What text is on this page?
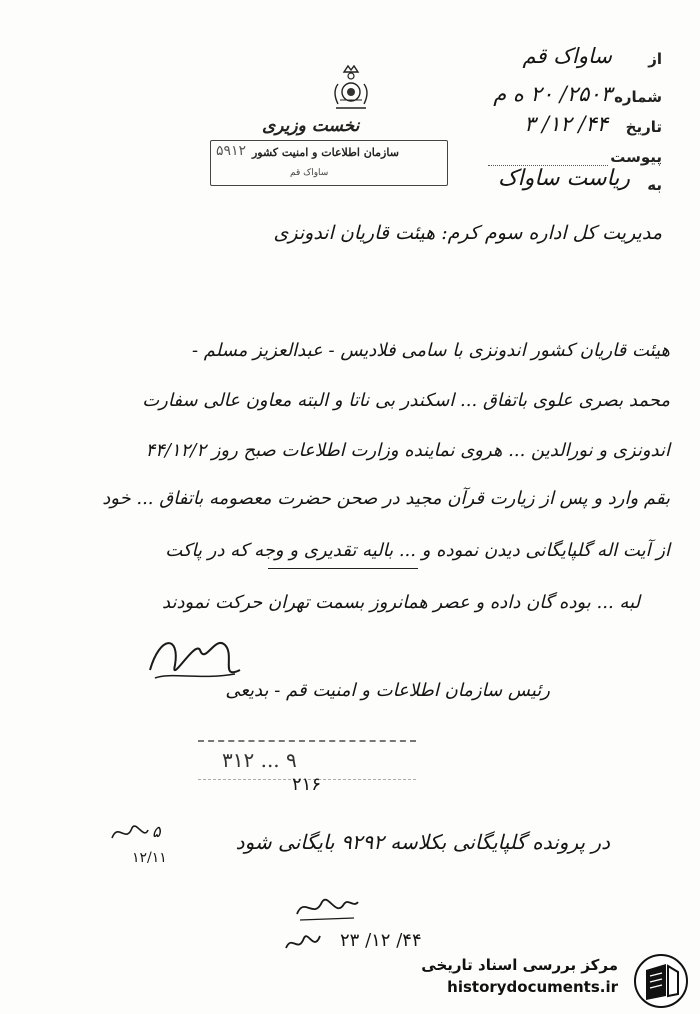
نخست وزیری
سازمان اطلاعات و امنیت کشور
۵۹۱۲
ساواک قم
از
ساواک قم
شماره
۲۵۰۳/ ۲۰ ه م
تاریخ
۴۴/ ۱۲/ ۳
پیوست
به
ریاست ساواک
مدیریت کل اداره سوم کرم: هیئت قاریان اندونزی
هیئت قاریان کشور اندونزی با سامی فلادیس - عبدالعزیز مسلم -
محمد بصری علوی باتفاق ... اسکندر بی ناتا و البته معاون عالی سفارت
اندونزی و نورالدین ... هروی نماینده وزارت اطلاعات صبح روز ۴۴/۱۲/۲
بقم وارد و پس از زیارت قرآن مجید در صحن حضرت معصومه باتفاق ... خود
از آیت اله گلپایگانی دیدن نموده و ... بالیه تقدیری و وجه که در پاکت
لبه ... بوده گان داده و عصر همانروز بسمت تهران حرکت نمودند
رئیس سازمان اطلاعات و امنیت قم - بدیعی
۹ ... ۳۱۲
۲۱۶
در پرونده گلپایگانی بکلاسه ۹۲۹۲ بایگانی شود
۵
۱۲/۱۱
۴۴/ ۱۲/ ۲۳
مرکز بررسی اسناد تاریخی
historydocuments.ir
